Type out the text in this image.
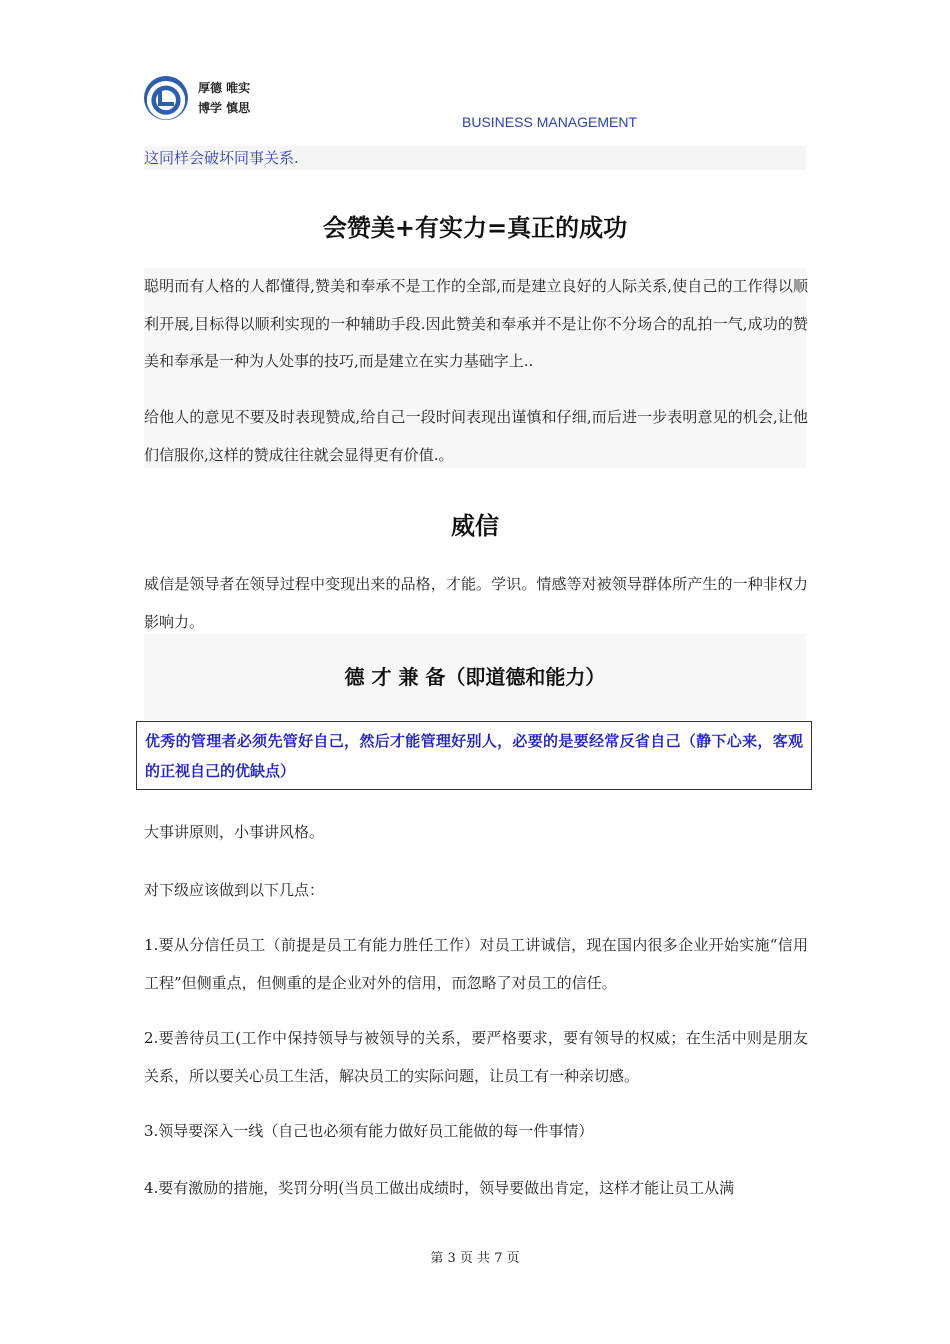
厚德 唯实
博学 慎思
BUSINESS MANAGEMENT
这同样会破坏同事关系.
会赞美+有实力=真正的成功
聪明而有人格的人都懂得,赞美和奉承不是工作的全部,而是建立良好的人际关系,使自己的工作得以顺利开展,目标得以顺利实现的一种辅助手段.因此赞美和奉承并不是让你不分场合的乱拍一气,成功的赞美和奉承是一种为人处事的技巧,而是建立在实力基础字上..
给他人的意见不要及时表现赞成,给自己一段时间表现出谨慎和仔细,而后进一步表明意见的机会,让他们信服你,这样的赞成往往就会显得更有价值.。
威信
威信是领导者在领导过程中变现出来的品格，才能。学识。情感等对被领导群体所产生的一种非权力影响力。
德 才 兼 备（即道德和能力）
优秀的管理者必须先管好自己，然后才能管理好别人，必要的是要经常反省自己（静下心来，客观的正视自己的优缺点）
大事讲原则，小事讲风格。
对下级应该做到以下几点：
1.要从分信任员工（前提是员工有能力胜任工作）对员工讲诚信，现在国内很多企业开始实施“信用工程”但侧重点，但侧重的是企业对外的信用，而忽略了对员工的信任。
2.要善待员工(工作中保持领导与被领导的关系，要严格要求，要有领导的权威；在生活中则是朋友关系，所以要关心员工生活，解决员工的实际问题，让员工有一种亲切感。
3.领导要深入一线（自己也必须有能力做好员工能做的每一件事情）
4.要有激励的措施，奖罚分明(当员工做出成绩时，领导要做出肯定，这样才能让员工从满
第 3 页 共 7 页
